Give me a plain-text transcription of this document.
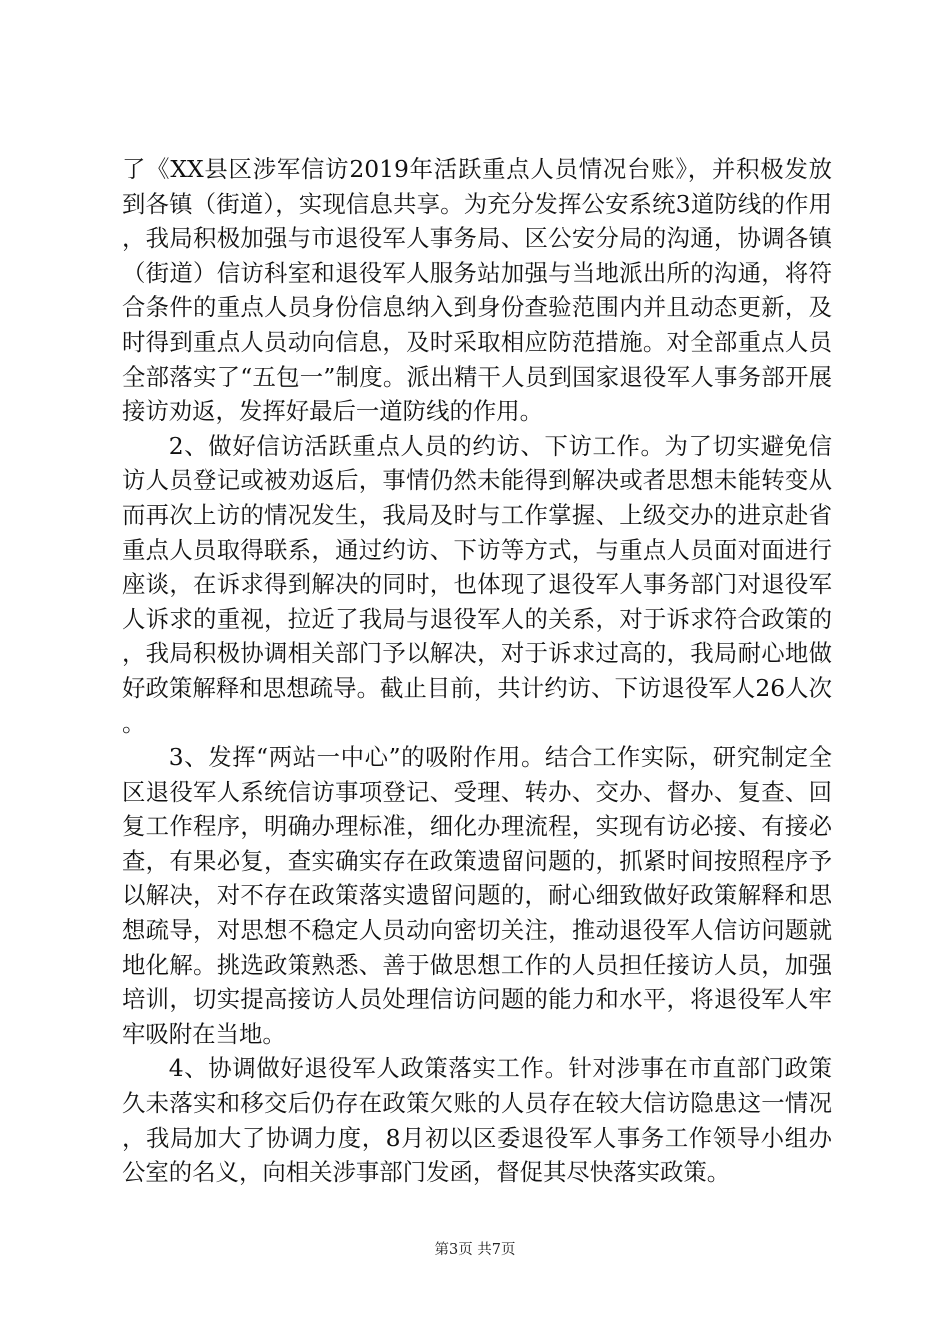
了《XX县区涉军信访2019年活跃重点人员情况台账》，并积极发放到各镇（街道），实现信息共享。为充分发挥公安系统3道防线的作用，我局积极加强与市退役军人事务局、区公安分局的沟通，协调各镇（街道）信访科室和退役军人服务站加强与当地派出所的沟通，将符合条件的重点人员身份信息纳入到身份查验范围内并且动态更新，及时得到重点人员动向信息，及时采取相应防范措施。对全部重点人员全部落实了“五包一”制度。派出精干人员到国家退役军人事务部开展接访劝返，发挥好最后一道防线的作用。

2、做好信访活跃重点人员的约访、下访工作。为了切实避免信访人员登记或被劝返后，事情仍然未能得到解决或者思想未能转变从而再次上访的情况发生，我局及时与工作掌握、上级交办的进京赴省重点人员取得联系，通过约访、下访等方式，与重点人员面对面进行座谈，在诉求得到解决的同时，也体现了退役军人事务部门对退役军人诉求的重视，拉近了我局与退役军人的关系，对于诉求符合政策的，我局积极协调相关部门予以解决，对于诉求过高的，我局耐心地做好政策解释和思想疏导。截止目前，共计约访、下访退役军人26人次。

3、发挥“两站一中心”的吸附作用。结合工作实际，研究制定全区退役军人系统信访事项登记、受理、转办、交办、督办、复查、回复工作程序，明确办理标准，细化办理流程，实现有访必接、有接必查，有果必复，查实确实存在政策遗留问题的，抓紧时间按照程序予以解决，对不存在政策落实遗留问题的，耐心细致做好政策解释和思想疏导，对思想不稳定人员动向密切关注，推动退役军人信访问题就地化解。挑选政策熟悉、善于做思想工作的人员担任接访人员，加强培训，切实提高接访人员处理信访问题的能力和水平，将退役军人牢牢吸附在当地。

4、协调做好退役军人政策落实工作。针对涉事在市直部门政策久未落实和移交后仍存在政策欠账的人员存在较大信访隐患这一情况，我局加大了协调力度，8月初以区委退役军人事务工作领导小组办公室的名义，向相关涉事部门发函，督促其尽快落实政策。

第3页 共7页
